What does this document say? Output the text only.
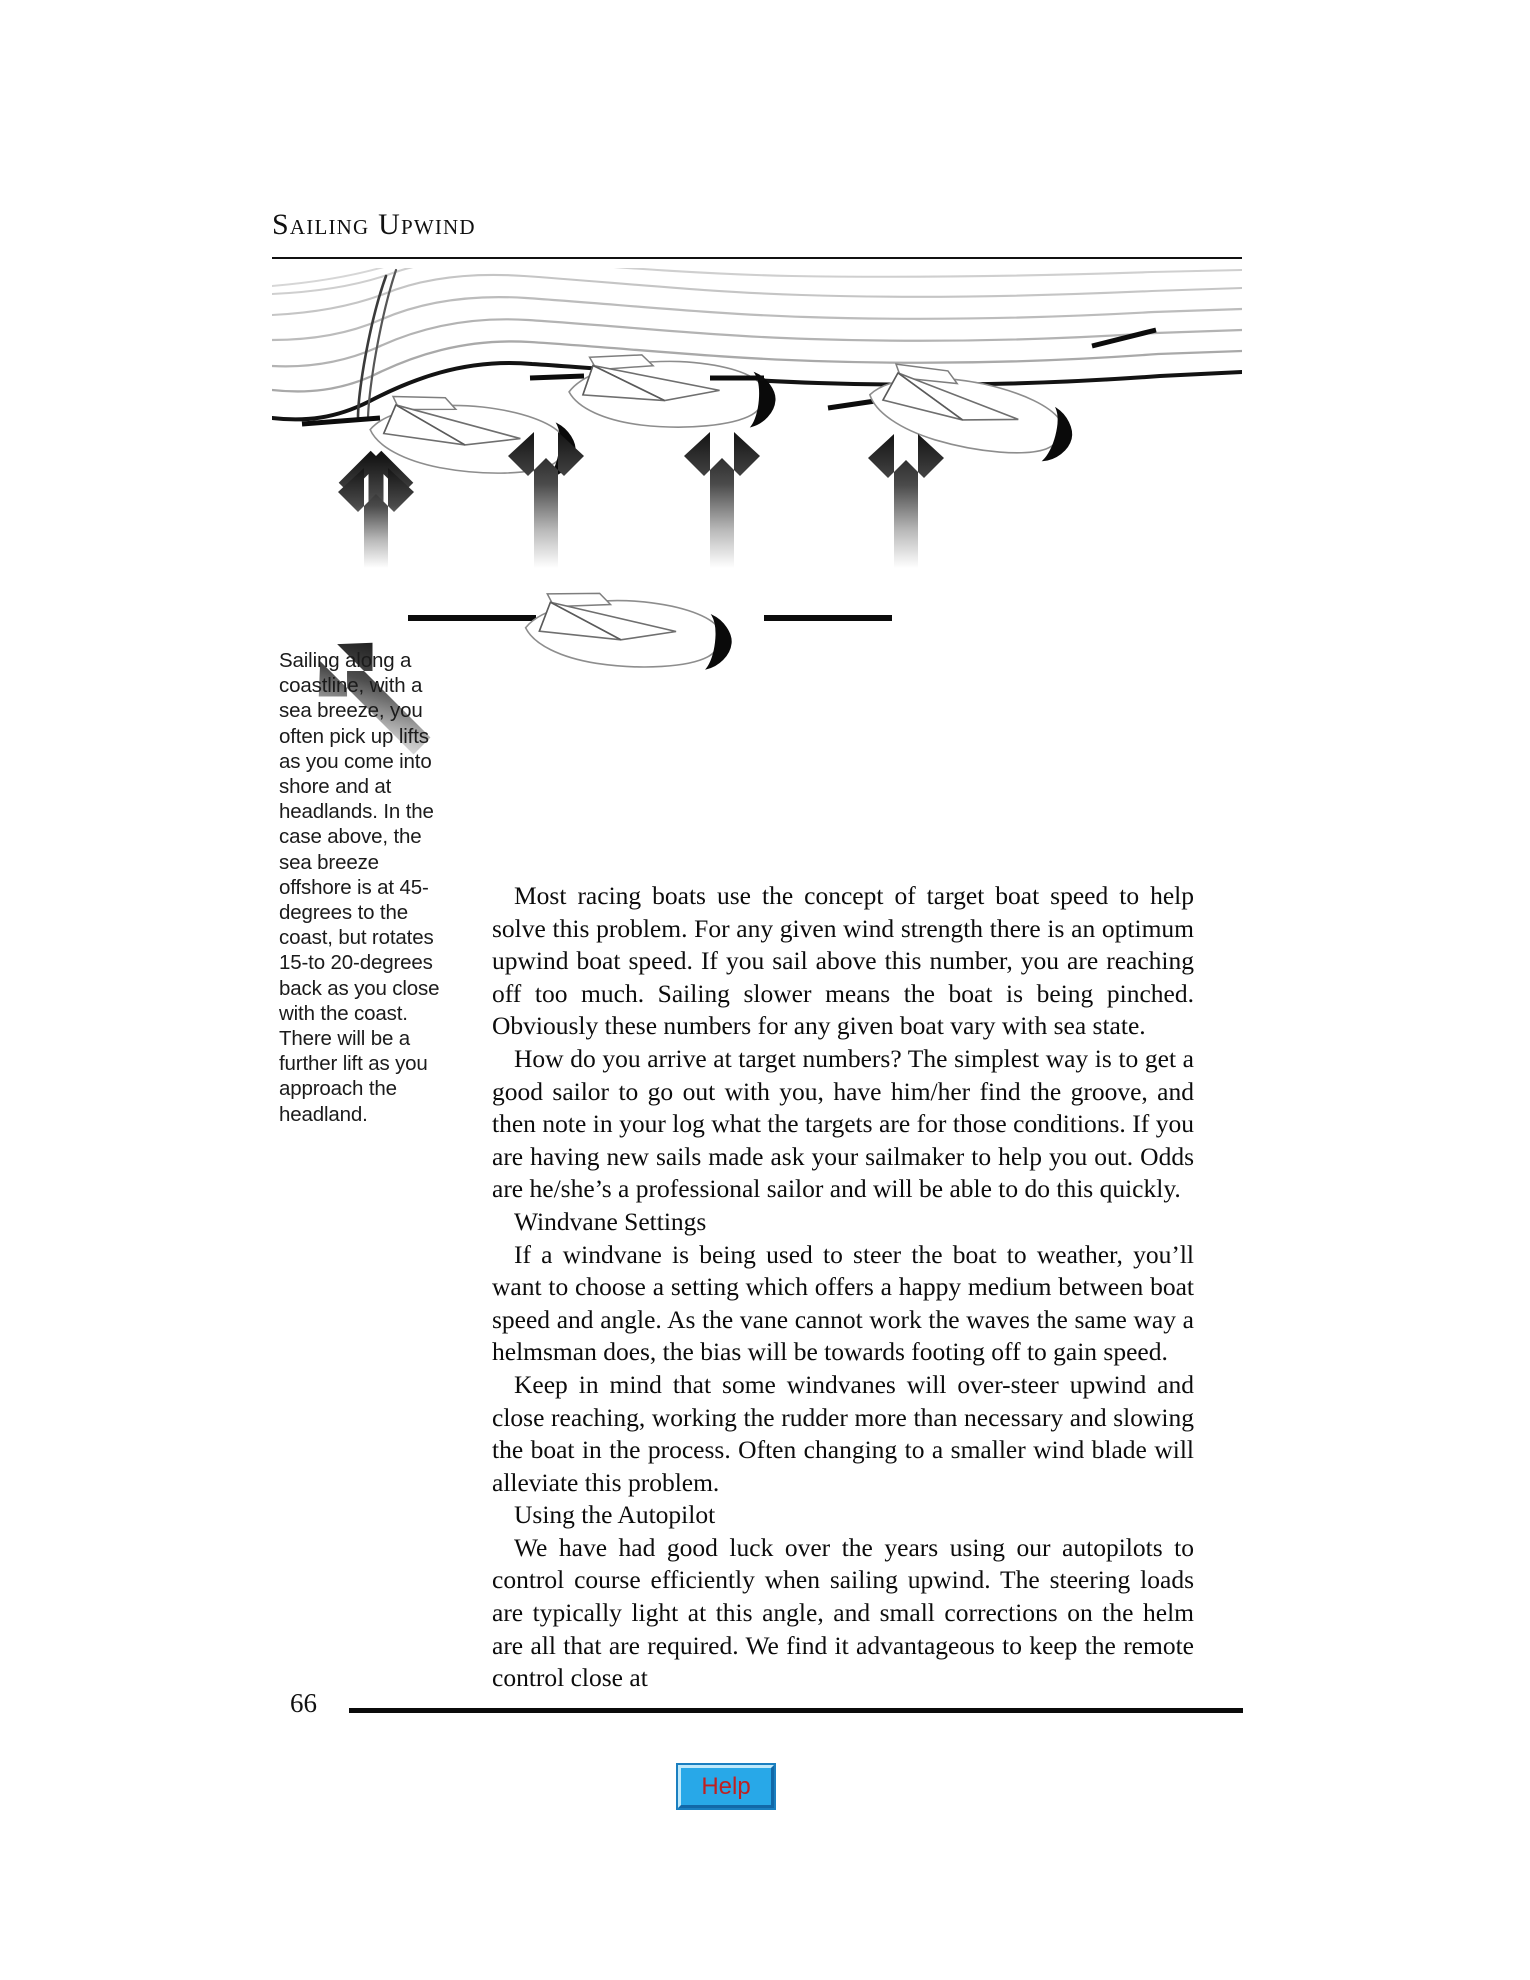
Sailing Upwind
Sailing along a coastline, with a sea breeze, you often pick up lifts as you come into shore and at headlands. In the case above, the sea breeze offshore is at 45-degrees to the coast, but rotates 15-to 20-degrees back as you close with the coast. There will be a further lift as you approach the headland.

Most racing boats use the concept of target boat speed to help solve this problem. For any given wind strength there is an optimum upwind boat speed. If you sail above this number, you are reaching off too much. Sailing slower means the boat is being pinched. Obviously these numbers for any given boat vary with sea state.

How do you arrive at target numbers? The simplest way is to get a good sailor to go out with you, have him/her find the groove, and then note in your log what the targets are for those conditions. If you are having new sails made ask your sailmaker to help you out. Odds are he/she’s a professional sailor and will be able to do this quickly.

Windvane Settings

If a windvane is being used to steer the boat to weather, you’ll want to choose a setting which offers a happy medium between boat speed and angle. As the vane cannot work the waves the same way a helmsman does, the bias will be towards footing off to gain speed.

Keep in mind that some windvanes will over-steer upwind and close reaching, working the rudder more than necessary and slowing the boat in the process. Often changing to a smaller wind blade will alleviate this problem.

Using the Autopilot

We have had good luck over the years using our autopilots to control course efficiently when sailing upwind. The steering loads are typically light at this angle, and small corrections on the helm are all that are required. We find it advantageous to keep the remote control close at

66
Help
